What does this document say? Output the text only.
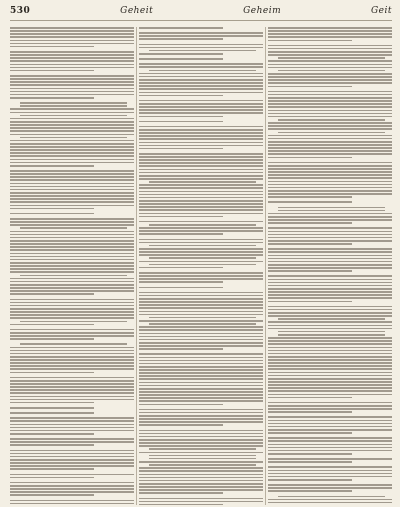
530	Geheit	Geheim	Geit
